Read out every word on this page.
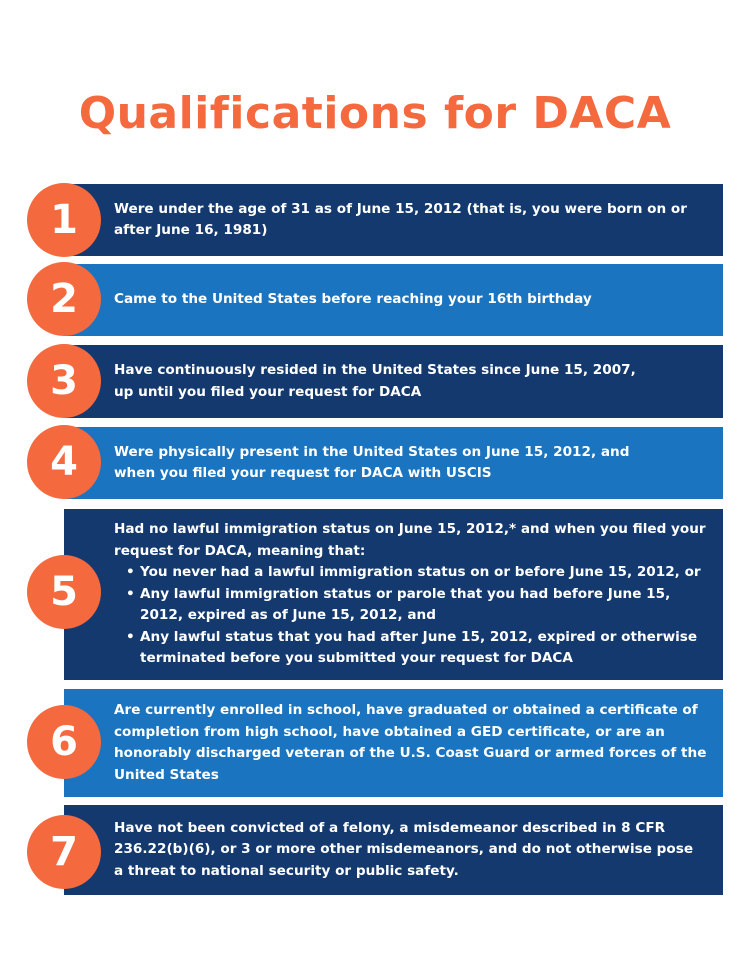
Qualifications for DACA
1	Were under the age of 31 as of June 15, 2012 (that is, you were born on or after June 16, 1981)
2	Came to the United States before reaching your 16th birthday
3	Have continuously resided in the United States since June 15, 2007, up until you filed your request for DACA
4	Were physically present in the United States on June 15, 2012, and when you filed your request for DACA with USCIS
5
Had no lawful immigration status on June 15, 2012,* and when you filed your request for DACA, meaning that:
• You never had a lawful immigration status on or before June 15, 2012, or
• Any lawful immigration status or parole that you had before June 15, 2012, expired as of June 15, 2012, and
• Any lawful status that you had after June 15, 2012, expired or otherwise terminated before you submitted your request for DACA
6
Are currently enrolled in school, have graduated or obtained a certificate of completion from high school, have obtained a GED certificate, or are an honorably discharged veteran of the U.S. Coast Guard or armed forces of the United States
7
Have not been convicted of a felony, a misdemeanor described in 8 CFR 236.22(b)(6), or 3 or more other misdemeanors, and do not otherwise pose a threat to national security or public safety.
